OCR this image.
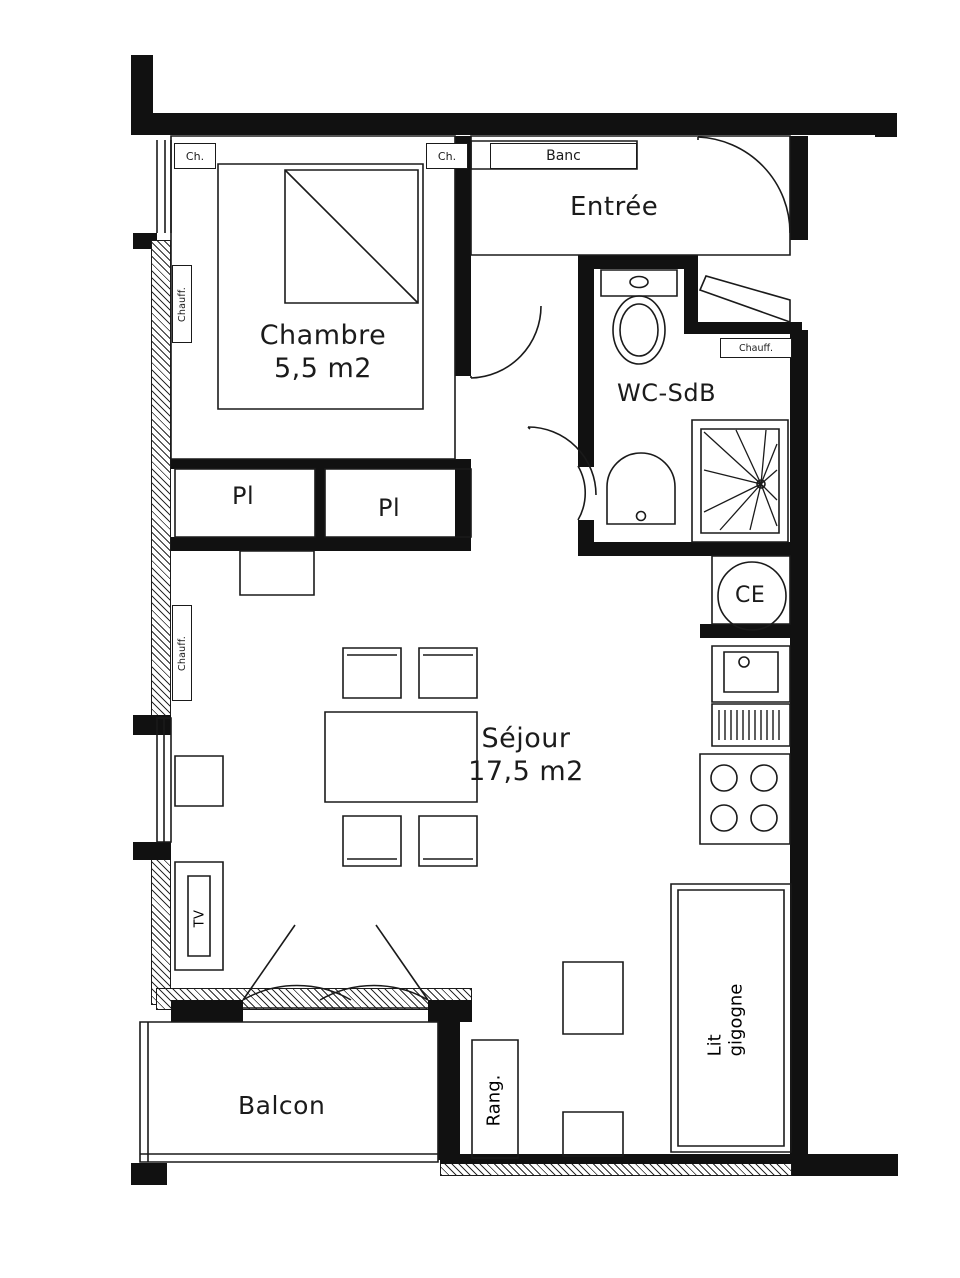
Ch.	Ch.	Banc
Chauff.
Chauff.
Chauff.
Chambre
5,5 m2
Séjour
17,5 m2
Entrée
WC-SdB
Balcon
Pl	Pl
CE
TV
Rang.
Lit gigogne
